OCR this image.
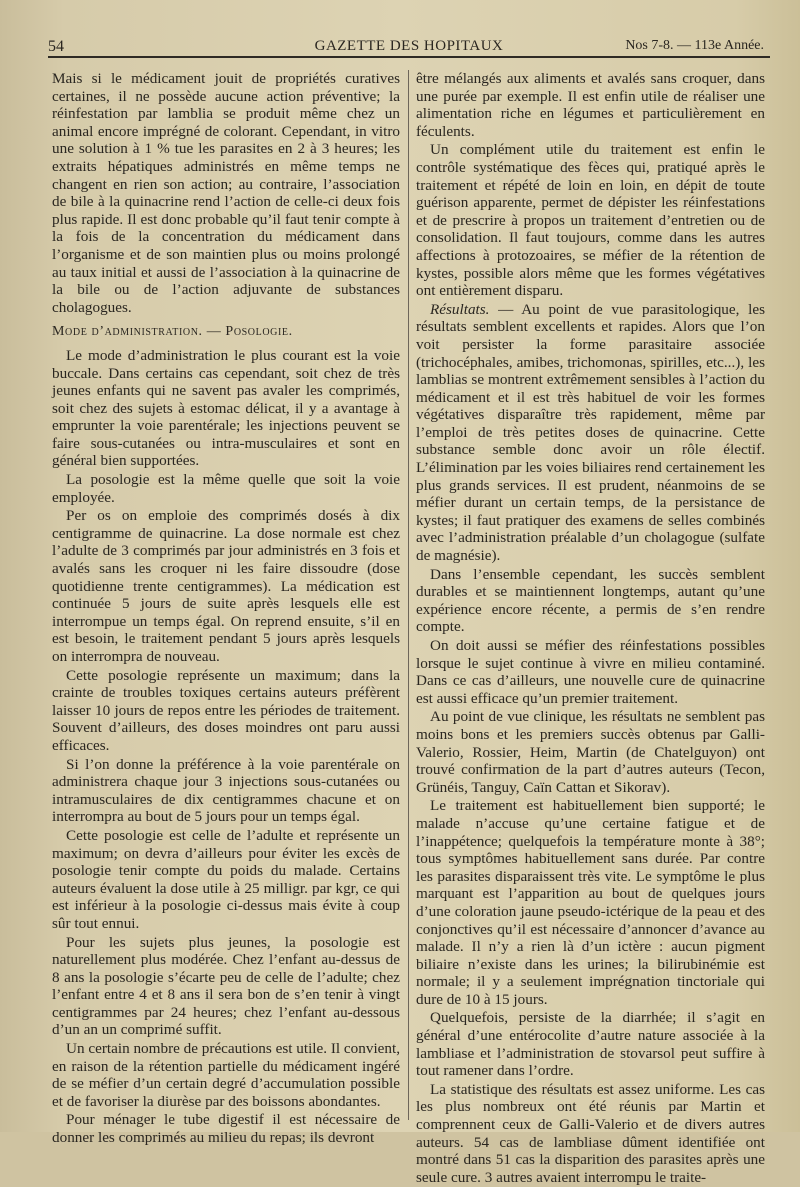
54	GAZETTE DES HOPITAUX	Nos 7-8. — 113e Année.

Mais si le médicament jouit de propriétés curatives certaines, il ne possède aucune action préventive; la réinfestation par lamblia se produit même chez un animal encore imprégné de colorant. Cependant, in vitro une solution à 1 % tue les parasites en 2 à 3 heures; les extraits hépatiques administrés en même temps ne changent en rien son action; au contraire, l’association de bile à la quinacrine rend l’action de celle-ci deux fois plus rapide. Il est donc probable qu’il faut tenir compte à la fois de la concentration du médicament dans l’organisme et de son maintien plus ou moins prolongé au taux initial et aussi de l’association à la quinacrine de la bile ou de l’action adjuvante de substances cholagogues.

Mode d’administration. — Posologie.

Le mode d’administration le plus courant est la voie buccale. Dans certains cas cependant, soit chez de très jeunes enfants qui ne savent pas avaler les comprimés, soit chez des sujets à estomac délicat, il y a avantage à emprunter la voie parentérale; les injections peuvent se faire sous-cutanées ou intra-musculaires et sont en général bien supportées.

La posologie est la même quelle que soit la voie employée.

Per os on emploie des comprimés dosés à dix centigramme de quinacrine. La dose normale est chez l’adulte de 3 comprimés par jour administrés en 3 fois et avalés sans les croquer ni les faire dissoudre (dose quotidienne trente centigrammes). La médication est continuée 5 jours de suite après lesquels elle est interrompue un temps égal. On reprend ensuite, s’il en est besoin, le traitement pendant 5 jours après lesquels on interrompra de nouveau.

Cette posologie représente un maximum; dans la crainte de troubles toxiques certains auteurs préfèrent laisser 10 jours de repos entre les périodes de traitement. Souvent d’ailleurs, des doses moindres ont paru aussi efficaces.

Si l’on donne la préférence à la voie parentérale on administrera chaque jour 3 injections sous-cutanées ou intramusculaires de dix centigrammes chacune et on interrompra au bout de 5 jours pour un temps égal.

Cette posologie est celle de l’adulte et représente un maximum; on devra d’ailleurs pour éviter les excès de posologie tenir compte du poids du malade. Certains auteurs évaluent la dose utile à 25 milligr. par kgr, ce qui est inférieur à la posologie ci-dessus mais évite à coup sûr tout ennui.

Pour les sujets plus jeunes, la posologie est naturellement plus modérée. Chez l’enfant au-dessus de 8 ans la posologie s’écarte peu de celle de l’adulte; chez l’enfant entre 4 et 8 ans il sera bon de s’en tenir à vingt centigrammes par 24 heures; chez l’enfant au-dessous d’un an un comprimé suffit.

Un certain nombre de précautions est utile. Il convient, en raison de la rétention partielle du médicament ingéré de se méfier d’un certain degré d’accumulation possible et de favoriser la diurèse par des boissons abondantes.

Pour ménager le tube digestif il est nécessaire de donner les comprimés au milieu du repas; ils devront

être mélangés aux aliments et avalés sans croquer, dans une purée par exemple. Il est enfin utile de réaliser une alimentation riche en légumes et particulièrement en féculents.

Un complément utile du traitement est enfin le contrôle systématique des fèces qui, pratiqué après le traitement et répété de loin en loin, en dépit de toute guérison apparente, permet de dépister les réinfestations et de prescrire à propos un traitement d’entretien ou de consolidation. Il faut toujours, comme dans les autres affections à protozoaires, se méfier de la rétention de kystes, possible alors même que les formes végétatives ont entièrement disparu.

Résultats. — Au point de vue parasitologique, les résultats semblent excellents et rapides. Alors que l’on voit persister la forme parasitaire associée (trichocéphales, amibes, trichomonas, spirilles, etc...), les lamblias se montrent extrêmement sensibles à l’action du médicament et il est très habituel de voir les formes végétatives disparaître très rapidement, même par l’emploi de très petites doses de quinacrine. Cette substance semble donc avoir un rôle électif. L’élimination par les voies biliaires rend certainement les plus grands services. Il est prudent, néanmoins de se méfier durant un certain temps, de la persistance de kystes; il faut pratiquer des examens de selles combinés avec l’administration préalable d’un cholagogue (sulfate de magnésie).

Dans l’ensemble cependant, les succès semblent durables et se maintiennent longtemps, autant qu’une expérience encore récente, a permis de s’en rendre compte.

On doit aussi se méfier des réinfestations possibles lorsque le sujet continue à vivre en milieu contaminé. Dans ce cas d’ailleurs, une nouvelle cure de quinacrine est aussi efficace qu’un premier traitement.

Au point de vue clinique, les résultats ne semblent pas moins bons et les premiers succès obtenus par Galli-Valerio, Rossier, Heim, Martin (de Chatelguyon) ont trouvé confirmation de la part d’autres auteurs (Tecon, Grünéis, Tanguy, Caïn Cattan et Sikorav).

Le traitement est habituellement bien supporté; le malade n’accuse qu’une certaine fatigue et de l’inappétence; quelquefois la température monte à 38°; tous symptômes habituellement sans durée. Par contre les parasites disparaissent très vite. Le symptôme le plus marquant est l’apparition au bout de quelques jours d’une coloration jaune pseudo-ictérique de la peau et des conjonctives qu’il est nécessaire d’annoncer d’avance au malade. Il n’y a rien là d’un ictère : aucun pigment biliaire n’existe dans les urines; la bilirubinémie est normale; il y a seulement imprégnation tinctoriale qui dure de 10 à 15 jours.

Quelquefois, persiste de la diarrhée; il s’agit en général d’une entérocolite d’autre nature associée à la lambliase et l’administration de stovarsol peut suffire à tout ramener dans l’ordre.

La statistique des résultats est assez uniforme. Les cas les plus nombreux ont été réunis par Martin et comprennent ceux de Galli-Valerio et de divers autres auteurs. 54 cas de lambliase dûment identifiée ont montré dans 51 cas la disparition des parasites après une seule cure. 3 autres avaient interrompu le traite-
